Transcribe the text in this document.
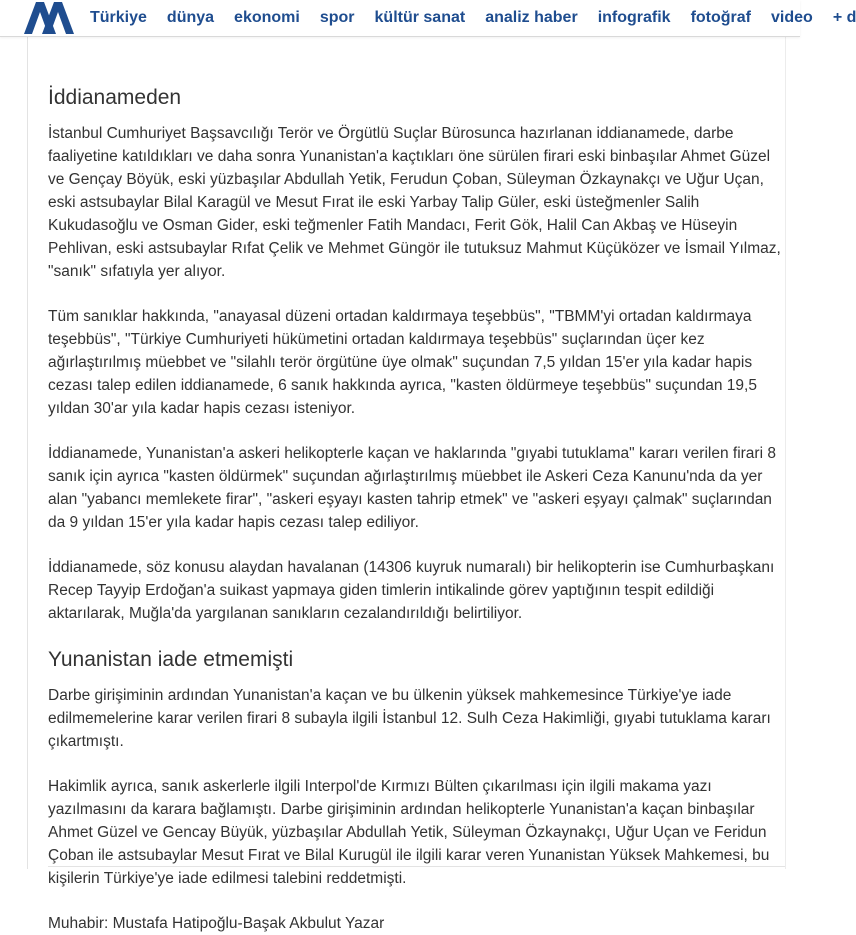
Türkiye dünya ekonomi spor kültür sanat analiz haber infografik fotoğraf video + d

İddianameden

İstanbul Cumhuriyet Başsavcılığı Terör ve Örgütlü Suçlar Bürosunca hazırlanan iddianamede, darbe faaliyetine katıldıkları ve daha sonra Yunanistan'a kaçtıkları öne sürülen firari eski binbaşılar Ahmet Güzel ve Gençay Böyük, eski yüzbaşılar Abdullah Yetik, Ferudun Çoban, Süleyman Özkaynakçı ve Uğur Uçan, eski astsubaylar Bilal Karagül ve Mesut Fırat ile eski Yarbay Talip Güler, eski üsteğmenler Salih Kukudasoğlu ve Osman Gider, eski teğmenler Fatih Mandacı, Ferit Gök, Halil Can Akbaş ve Hüseyin Pehlivan, eski astsubaylar Rıfat Çelik ve Mehmet Güngör ile tutuksuz Mahmut Küçüközer ve İsmail Yılmaz, "sanık" sıfatıyla yer alıyor.

Tüm sanıklar hakkında, "anayasal düzeni ortadan kaldırmaya teşebbüs", "TBMM'yi ortadan kaldırmaya teşebbüs", "Türkiye Cumhuriyeti hükümetini ortadan kaldırmaya teşebbüs" suçlarından üçer kez ağırlaştırılmış müebbet ve "silahlı terör örgütüne üye olmak" suçundan 7,5 yıldan 15'er yıla kadar hapis cezası talep edilen iddianamede, 6 sanık hakkında ayrıca, "kasten öldürmeye teşebbüs" suçundan 19,5 yıldan 30'ar yıla kadar hapis cezası isteniyor.

İddianamede, Yunanistan'a askeri helikopterle kaçan ve haklarında "gıyabi tutuklama" kararı verilen firari 8 sanık için ayrıca "kasten öldürmek" suçundan ağırlaştırılmış müebbet ile Askeri Ceza Kanunu'nda da yer alan "yabancı memlekete firar", "askeri eşyayı kasten tahrip etmek" ve "askeri eşyayı çalmak" suçlarından da 9 yıldan 15'er yıla kadar hapis cezası talep ediliyor.

İddianamede, söz konusu alaydan havalanan (14306 kuyruk numaralı) bir helikopterin ise Cumhurbaşkanı Recep Tayyip Erdoğan'a suikast yapmaya giden timlerin intikalinde görev yaptığının tespit edildiği aktarılarak, Muğla'da yargılanan sanıkların cezalandırıldığı belirtiliyor.

Yunanistan iade etmemişti

Darbe girişiminin ardından Yunanistan'a kaçan ve bu ülkenin yüksek mahkemesince Türkiye'ye iade edilmemelerine karar verilen firari 8 subayla ilgili İstanbul 12. Sulh Ceza Hakimliği, gıyabi tutuklama kararı çıkartmıştı.

Hakimlik ayrıca, sanık askerlerle ilgili Interpol'de Kırmızı Bülten çıkarılması için ilgili makama yazı yazılmasını da karara bağlamıştı. Darbe girişiminin ardından helikopterle Yunanistan'a kaçan binbaşılar Ahmet Güzel ve Gencay Büyük, yüzbaşılar Abdullah Yetik, Süleyman Özkaynakçı, Uğur Uçan ve Feridun Çoban ile astsubaylar Mesut Fırat ve Bilal Kurugül ile ilgili karar veren Yunanistan Yüksek Mahkemesi, bu kişilerin Türkiye'ye iade edilmesi talebini reddetmişti.

Muhabir: Mustafa Hatipoğlu-Başak Akbulut Yazar
